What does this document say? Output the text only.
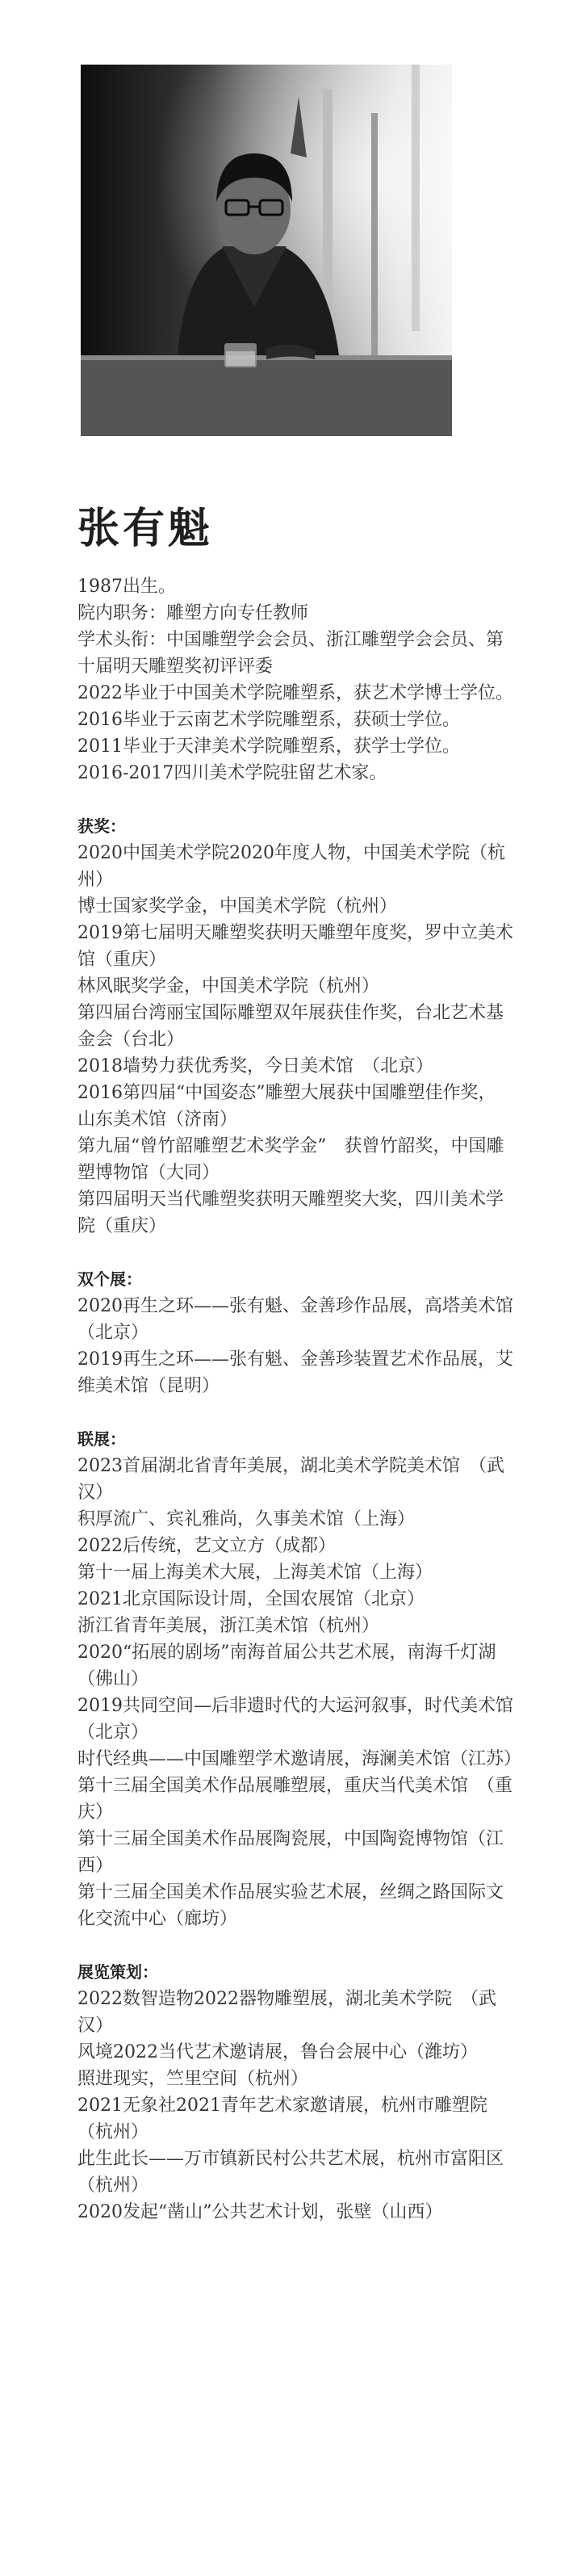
张有魁

1987出生。

院内职务：雕塑方向专任教师

学术头衔：中国雕塑学会会员、浙江雕塑学会会员、第十届明天雕塑奖初评评委

2022毕业于中国美术学院雕塑系，获艺术学博士学位。

2016毕业于云南艺术学院雕塑系，获硕士学位。

2011毕业于天津美术学院雕塑系，获学士学位。

2016-2017四川美术学院驻留艺术家。

获奖：

2020中国美术学院2020年度人物，中国美术学院（杭州）

博士国家奖学金，中国美术学院（杭州）

2019第七届明天雕塑奖获明天雕塑年度奖，罗中立美术馆（重庆）

林风眠奖学金，中国美术学院（杭州）

第四届台湾丽宝国际雕塑双年展获佳作奖，台北艺术基金会（台北）

2018墙势力获优秀奖，今日美术馆　（北京）

2016第四届“中国姿态”雕塑大展获中国雕塑佳作奖，山东美术馆（济南）

第九届“曾竹韶雕塑艺术奖学金”　获曾竹韶奖，中国雕塑博物馆（大同）

第四届明天当代雕塑奖获明天雕塑奖大奖，四川美术学院（重庆）

双个展：

2020再生之环——张有魁、金善珍作品展，高塔美术馆（北京）

2019再生之环——张有魁、金善珍装置艺术作品展，艾维美术馆（昆明）

联展：

2023首届湖北省青年美展，湖北美术学院美术馆　（武汉）

积厚流广、宾礼雅尚，久事美术馆（上海）

2022后传统，艺文立方（成都）

第十一届上海美术大展，上海美术馆（上海）

2021北京国际设计周，全国农展馆（北京）

浙江省青年美展，浙江美术馆（杭州）

2020“拓展的剧场”南海首届公共艺术展，南海千灯湖（佛山）

2019共同空间—后非遗时代的大运河叙事，时代美术馆　（北京）

时代经典——中国雕塑学术邀请展，海澜美术馆（江苏）

第十三届全国美术作品展雕塑展，重庆当代美术馆　（重庆）

第十三届全国美术作品展陶瓷展，中国陶瓷博物馆（江西）

第十三届全国美术作品展实验艺术展，丝绸之路国际文化交流中心（廊坊）

展览策划：

2022数智造物2022器物雕塑展，湖北美术学院　（武汉）

风境2022当代艺术邀请展，鲁台会展中心（潍坊）

照进现实，竺里空间（杭州）

2021无象社2021青年艺术家邀请展，杭州市雕塑院（杭州）

此生此长——万市镇新民村公共艺术展，杭州市富阳区（杭州）

2020发起“凿山”公共艺术计划，张壁（山西）
